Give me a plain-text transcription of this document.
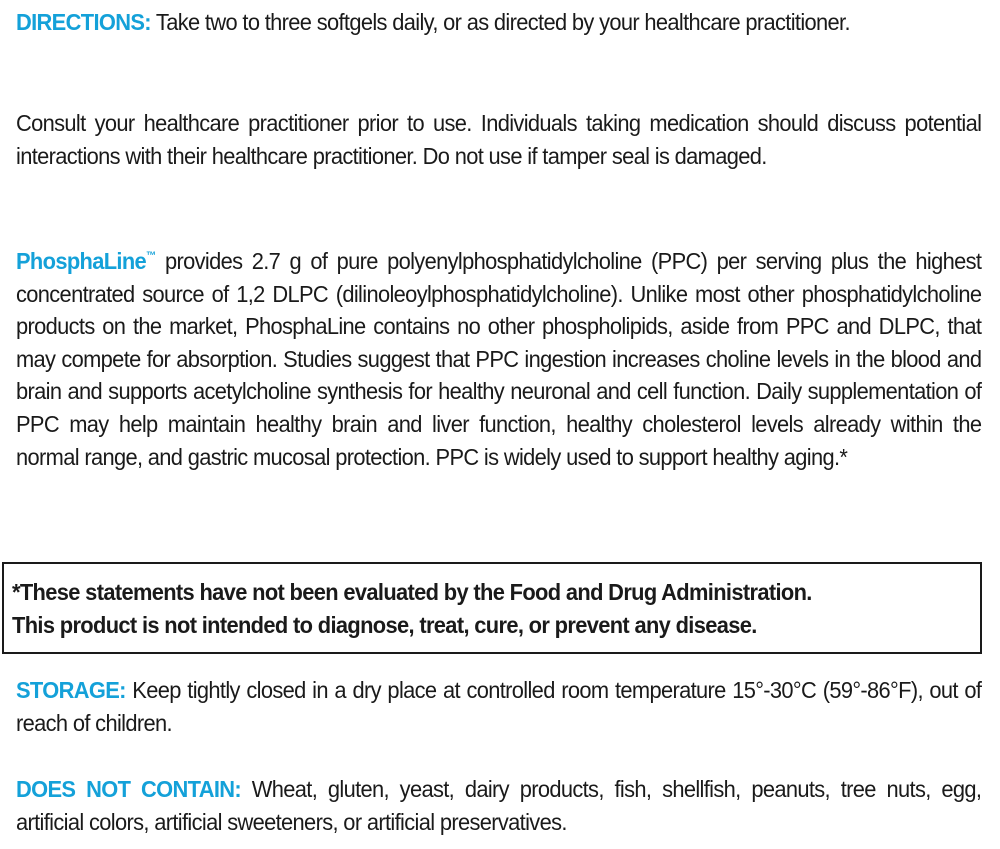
DIRECTIONS: Take two to three softgels daily, or as directed by your healthcare practitioner.

Consult your healthcare practitioner prior to use. Individuals taking medication should discuss potential interactions with their healthcare practitioner. Do not use if tamper seal is damaged.

PhosphaLine™ provides 2.7 g of pure polyenylphosphatidylcholine (PPC) per serving plus the highest concentrated source of 1,2 DLPC (dilinoleoylphosphatidylcholine). Unlike most other phosphatidylcholine products on the market, PhosphaLine contains no other phospholipids, aside from PPC and DLPC, that may compete for absorption. Studies suggest that PPC ingestion increases choline levels in the blood and brain and supports acetylcholine synthesis for healthy neuronal and cell function. Daily supplementation of PPC may help maintain healthy brain and liver function, healthy cholesterol levels already within the normal range, and gastric mucosal protection. PPC is widely used to support healthy aging.*

*These statements have not been evaluated by the Food and Drug Administration.
This product is not intended to diagnose, treat, cure, or prevent any disease.

STORAGE: Keep tightly closed in a dry place at controlled room temperature 15°-30°C (59°-86°F), out of reach of children.

DOES NOT CONTAIN: Wheat, gluten, yeast, dairy products, fish, shellfish, peanuts, tree nuts, egg, artificial colors, artificial sweeteners, or artificial preservatives.
